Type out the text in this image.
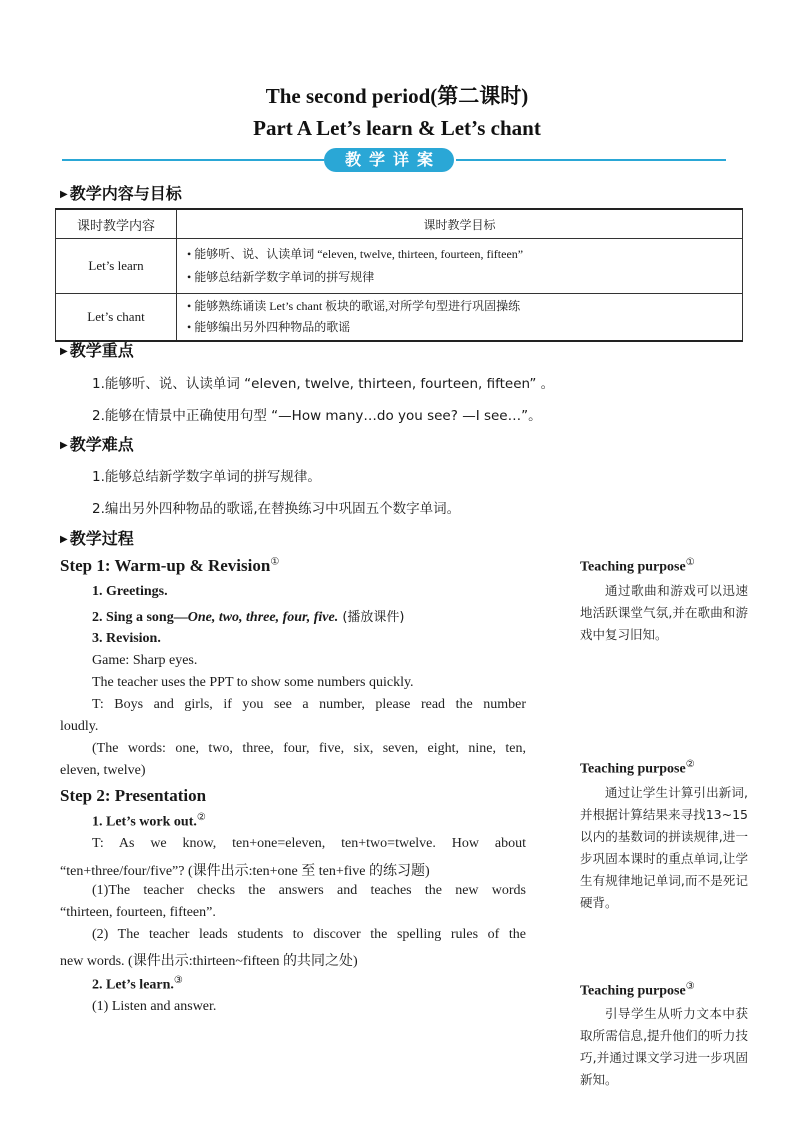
The second period(第二课时)
Part A Let’s learn & Let’s chant
教 学 详 案
▶ 教学内容与目标
课时教学内容	课时教学目标
Let’s learn	• 能够听、说、认读单词 “eleven, twelve, thirteen, fourteen, fifteen”
• 能够总结新学数字单词的拼写规律

Let’s chant	• 能够熟练诵读 Let’s chant 板块的歌谣,对所学句型进行巩固操练
• 能够编出另外四种物品的歌谣
▶ 教学重点
1.能够听、说、认读单词 “eleven, twelve, thirteen, fourteen, fifteen” 。
2.能够在情景中正确使用句型 “—How many…do you see? —I see…”。
▶ 教学难点
1.能够总结新学数字单词的拼写规律。
2.编出另外四种物品的歌谣,在替换练习中巩固五个数字单词。
▶ 教学过程
Step 1: Warm-up & Revision①
1. Greetings.
2. Sing a song—One, two, three, four, five. (播放课件)
3. Revision.
Game: Sharp eyes.
The teacher uses the PPT to show some numbers quickly.
T: Boys and girls, if you see a number, please read the number
loudly.
(The words: one, two, three, four, five, six, seven, eight, nine, ten,
eleven, twelve)
Step 2: Presentation
1. Let’s work out.②
T: As we know, ten+one=eleven, ten+two=twelve. How about
“ten+three/four/five”? (课件出示:ten+one 至 ten+five 的练习题)
(1)The teacher checks the answers and teaches the new words
“thirteen, fourteen, fifteen”.
(2) The teacher leads students to discover the spelling rules of the
new words. (课件出示:thirteen~fifteen 的共同之处)
2. Let’s learn.③
(1) Listen and answer.
Teaching purpose①
通过歌曲和游戏可以迅速地活跃课堂气氛,并在歌曲和游戏中复习旧知。
Teaching purpose②
通过让学生计算引出新词,并根据计算结果来寻找13~15以内的基数词的拼读规律,进一步巩固本课时的重点单词,让学生有规律地记单词,而不是死记硬背。
Teaching purpose③
引导学生从听力文本中获取所需信息,提升他们的听力技巧,并通过课文学习进一步巩固新知。
